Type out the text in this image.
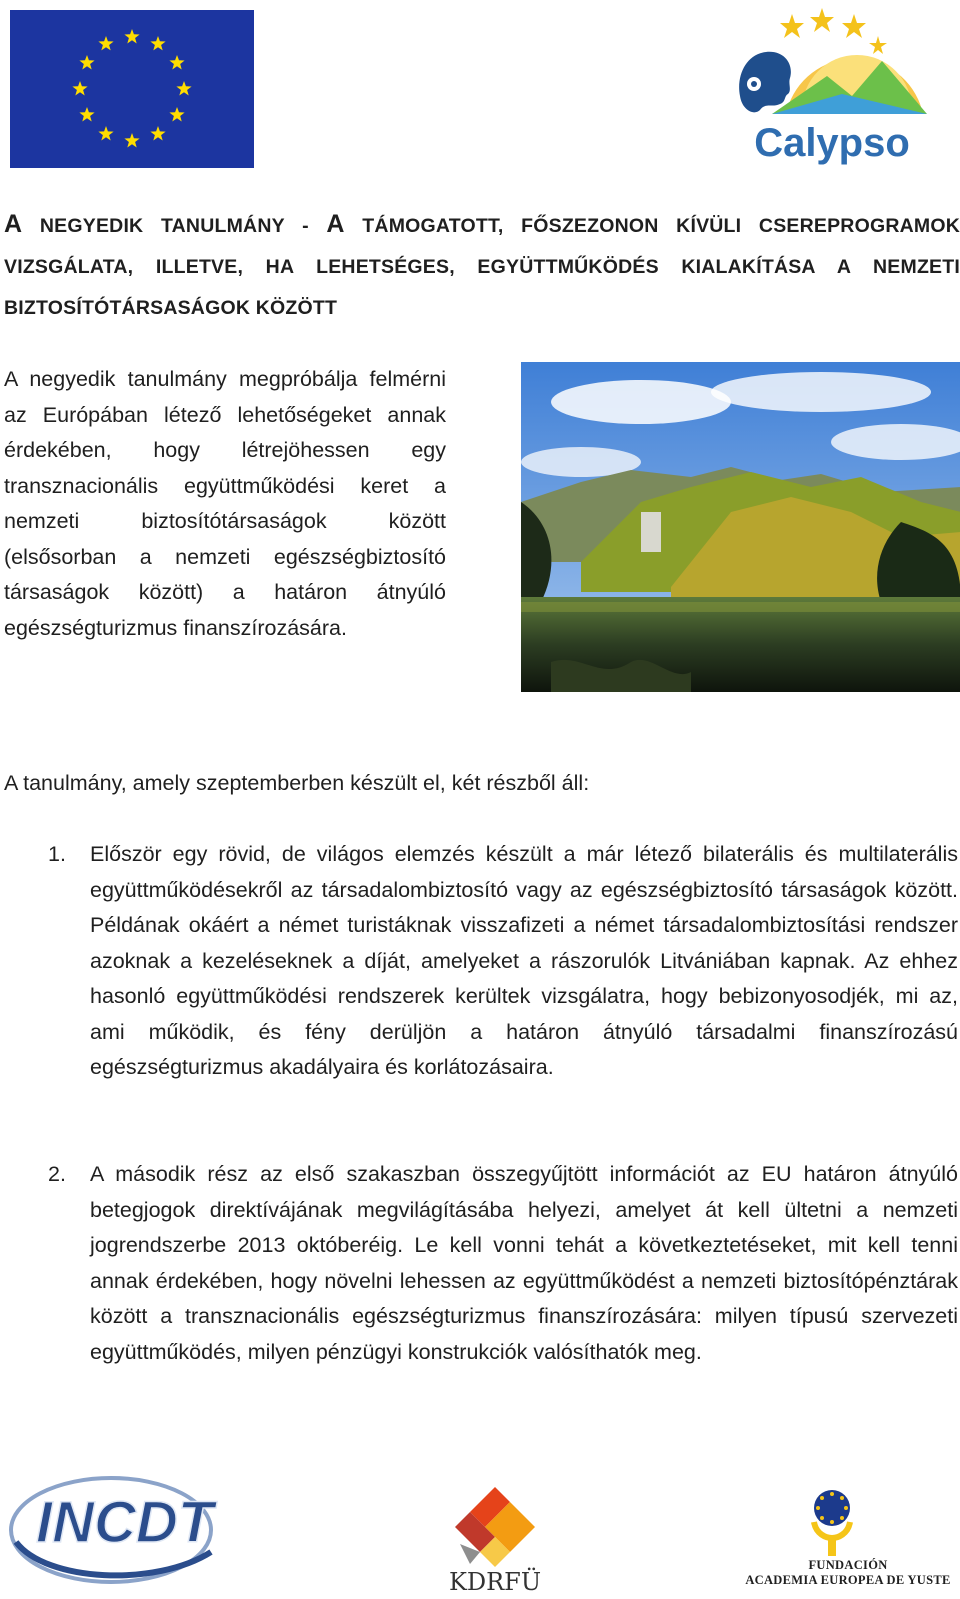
Calypso
A NEGYEDIK TANULMÁNY - A TÁMOGATOTT, FŐSZEZONON KÍVÜLI CSEREPROGRAMOK
VIZSGÁLATA, ILLETVE, HA LEHETSÉGES, EGYÜTTMŰKÖDÉS KIALAKÍTÁSA A NEMZETI
BIZTOSÍTÓTÁRSASÁGOK KÖZÖTT
A negyedik tanulmány megpróbálja felmérni az Európában létező lehetőségeket annak érdekében, hogy létrejöhessen egy transznacionális együttműködési keret a nemzeti biztosítótársaságok között (elsősorban a nemzeti egészségbiztosító társaságok között) a határon átnyúló egészségturizmus finanszírozására.
A tanulmány, amely szeptemberben készült el, két részből áll:
1. Először egy rövid, de világos elemzés készült a már létező bilaterális és multilaterális együttműködésekről az társadalombiztosító vagy az egészségbiztosító társaságok között. Példának okáért a német turistáknak visszafizeti a német társadalombiztosítási rendszer azoknak a kezeléseknek a díját, amelyeket a rászorulók Litvániában kapnak. Az ehhez hasonló együttműködési rendszerek kerültek vizsgálatra, hogy bebizonyosodjék, mi az, ami működik, és fény derüljön a határon átnyúló társadalmi finanszírozású egészségturizmus akadályaira és korlátozásaira.
2. A második rész az első szakaszban összegyűjtött információt az EU határon átnyúló betegjogok direktívájának megvilágításába helyezi, amelyet át kell ültetni a nemzeti jogrendszerbe 2013 októberéig. Le kell vonni tehát a következtetéseket, mit kell tenni annak érdekében, hogy növelni lehessen az együttműködést a nemzeti biztosítópénztárak között a transznacionális egészségturizmus finanszírozására: milyen típusú szervezeti együttműködés, milyen pénzügyi konstrukciók valósíthatók meg.
INCDT
KDRFÜ
FUNDACIÓN
ACADEMIA EUROPEA DE YUSTE
